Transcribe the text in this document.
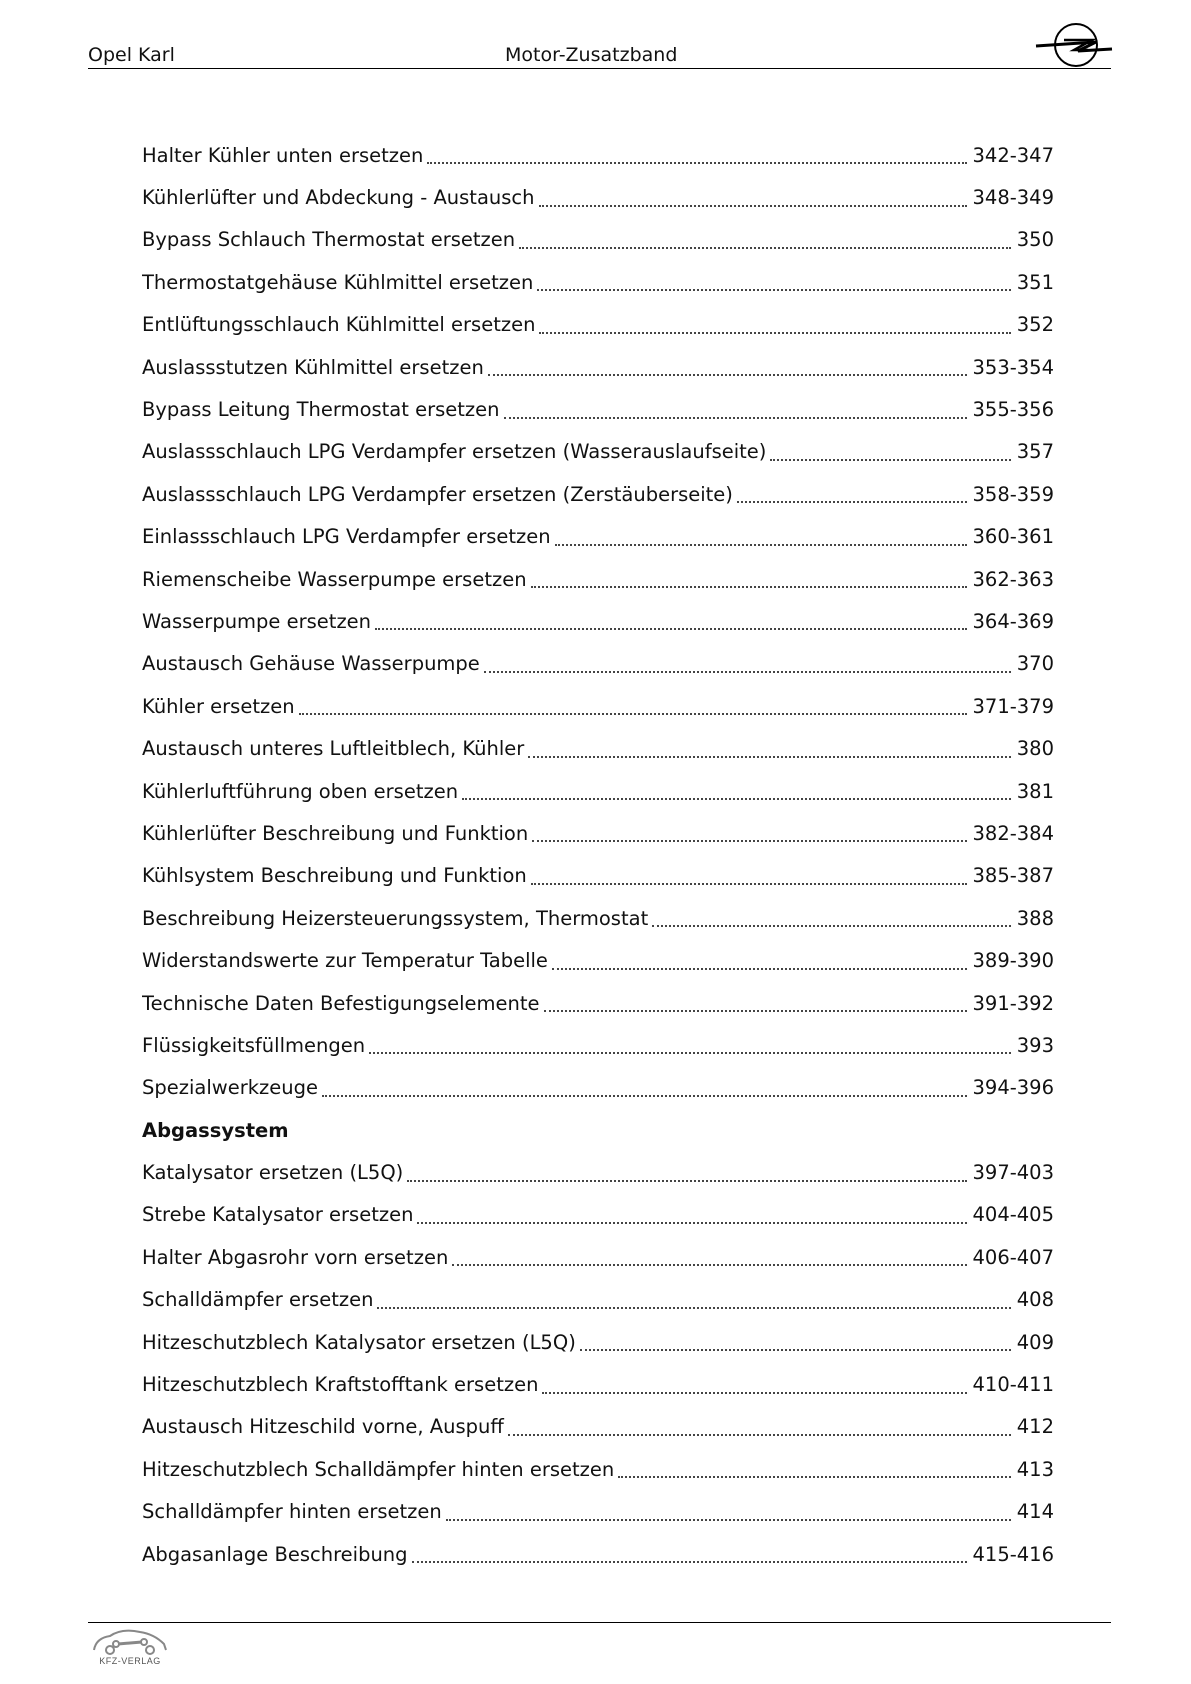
Opel Karl	Motor-Zusatzband
Halter Kühler unten ersetzen	342-347
Kühlerlüfter und Abdeckung - Austausch	348-349
Bypass Schlauch Thermostat ersetzen	350
Thermostatgehäuse Kühlmittel ersetzen	351
Entlüftungsschlauch Kühlmittel ersetzen	352
Auslassstutzen Kühlmittel ersetzen	353-354
Bypass Leitung Thermostat ersetzen	355-356
Auslassschlauch LPG Verdampfer ersetzen (Wasserauslaufseite)	357
Auslassschlauch LPG Verdampfer ersetzen (Zerstäuberseite)	358-359
Einlassschlauch LPG Verdampfer ersetzen	360-361
Riemenscheibe Wasserpumpe ersetzen	362-363
Wasserpumpe ersetzen	364-369
Austausch Gehäuse Wasserpumpe	370
Kühler ersetzen	371-379
Austausch unteres Luftleitblech, Kühler	380
Kühlerluftführung oben ersetzen	381
Kühlerlüfter Beschreibung und Funktion	382-384
Kühlsystem Beschreibung und Funktion	385-387
Beschreibung Heizersteuerungssystem, Thermostat	388
Widerstandswerte zur Temperatur Tabelle	389-390
Technische Daten Befestigungselemente	391-392
Flüssigkeitsfüllmengen	393
Spezialwerkzeuge	394-396
Abgassystem
Katalysator ersetzen (L5Q)	397-403
Strebe Katalysator ersetzen	404-405
Halter Abgasrohr vorn ersetzen	406-407
Schalldämpfer ersetzen	408
Hitzeschutzblech Katalysator ersetzen (L5Q)	409
Hitzeschutzblech Kraftstofftank ersetzen	410-411
Austausch Hitzeschild vorne, Auspuff	412
Hitzeschutzblech Schalldämpfer hinten ersetzen	413
Schalldämpfer hinten ersetzen	414
Abgasanlage Beschreibung	415-416
KFZ-VERLAG
